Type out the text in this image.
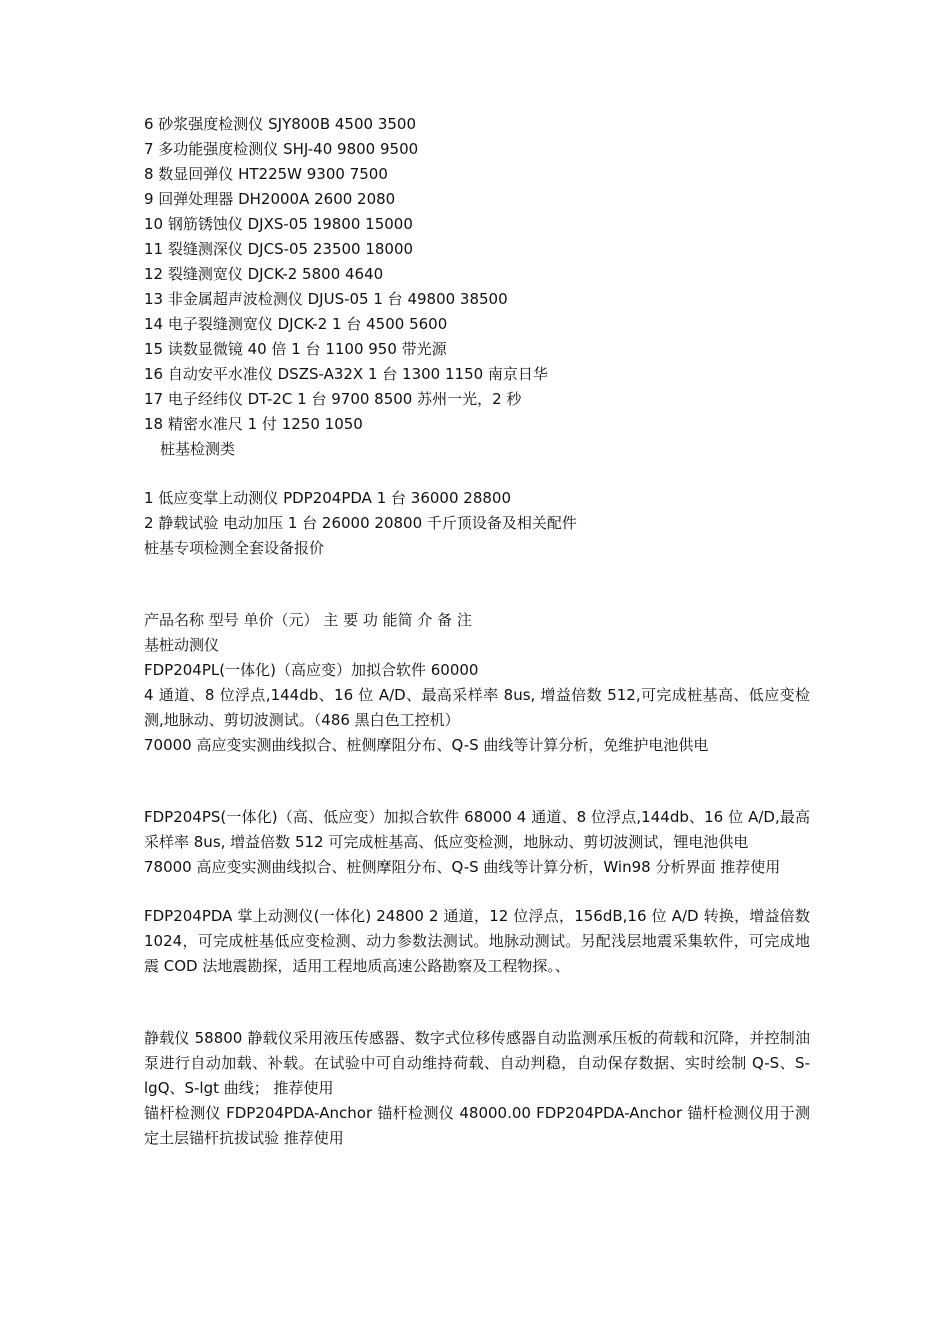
6 砂浆强度检测仪 SJY800B 4500 3500
7 多功能强度检测仪 SHJ-40 9800 9500
8 数显回弹仪 HT225W 9300 7500
9 回弹处理器 DH2000A 2600 2080
10 钢筋锈蚀仪 DJXS-05 19800 15000
11 裂缝测深仪 DJCS-05 23500 18000
12 裂缝测宽仪 DJCK-2 5800 4640
13 非金属超声波检测仪 DJUS-05 1 台 49800 38500
14 电子裂缝测宽仪 DJCK-2 1 台 4500 5600
15 读数显微镜 40 倍 1 台 1100 950 带光源
16 自动安平水准仪 DSZS-A32X 1 台 1300 1150 南京日华
17 电子经纬仪 DT-2C 1 台 9700 8500 苏州一光，2 秒
18 精密水准尺 1 付 1250 1050
桩基检测类
1 低应变掌上动测仪 PDP204PDA 1 台 36000 28800
2 静载试验 电动加压 1 台 26000 20800 千斤顶设备及相关配件
桩基专项检测全套设备报价
产品名称 型号 单价（元） 主 要 功 能简 介 备 注
基桩动测仪
FDP204PL(一体化)（高应变）加拟合软件 60000
4 通道、8 位浮点,144db、16 位 A/D、最高采样率 8us, 增益倍数 512,可完成桩基高、低应变检测,地脉动、剪切波测试。（486 黑白色工控机）
70000 高应变实测曲线拟合、桩侧摩阻分布、Q-S 曲线等计算分析，免维护电池供电
FDP204PS(一体化)（高、低应变）加拟合软件 68000 4 通道、8 位浮点,144db、16 位 A/D,最高采样率 8us, 增益倍数 512 可完成桩基高、低应变检测，地脉动、剪切波测试，锂电池供电
78000 高应变实测曲线拟合、桩侧摩阻分布、Q-S 曲线等计算分析，Win98 分析界面 推荐使用
FDP204PDA 掌上动测仪(一体化) 24800 2 通道，12 位浮点，156dB,16 位 A/D 转换，增益倍数 1024，可完成桩基低应变检测、动力参数法测试。地脉动测试。另配浅层地震采集软件，可完成地震 COD 法地震勘探，适用工程地质高速公路勘察及工程物探。、
静载仪 58800 静载仪采用液压传感器、数字式位移传感器自动监测承压板的荷载和沉降，并控制油泵进行自动加载、补载。在试验中可自动维持荷载、自动判稳，自动保存数据、实时绘制 Q-S、S-lgQ、S-lgt 曲线； 推荐使用
锚杆检测仪 FDP204PDA-Anchor 锚杆检测仪 48000.00 FDP204PDA-Anchor 锚杆检测仪用于测定土层锚杆抗拔试验 推荐使用
